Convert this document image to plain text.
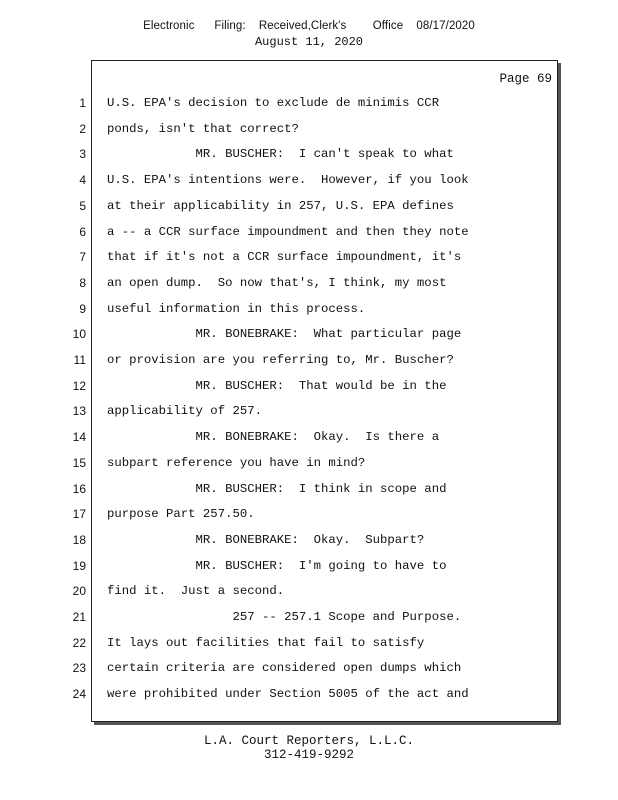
Electronic      Filing:    Received,Clerk's        Office    08/17/2020
August 11, 2020
Page 69
1 U.S. EPA's decision to exclude de minimis CCR
2 ponds, isn't that correct?
3 MR. BUSCHER:  I can't speak to what
4 U.S. EPA's intentions were.  However, if you look
5 at their applicability in 257, U.S. EPA defines
6 a -- a CCR surface impoundment and then they note
7 that if it's not a CCR surface impoundment, it's
8 an open dump.  So now that's, I think, my most
9 useful information in this process.
10 MR. BONEBRAKE:  What particular page
11 or provision are you referring to, Mr. Buscher?
12 MR. BUSCHER:  That would be in the
13 applicability of 257.
14 MR. BONEBRAKE:  Okay.  Is there a
15 subpart reference you have in mind?
16 MR. BUSCHER:  I think in scope and
17 purpose Part 257.50.
18 MR. BONEBRAKE:  Okay.  Subpart?
19 MR. BUSCHER:  I'm going to have to
20 find it.  Just a second.
21 257 -- 257.1 Scope and Purpose.
22 It lays out facilities that fail to satisfy
23 certain criteria are considered open dumps which
24 were prohibited under Section 5005 of the act and
L.A. Court Reporters, L.L.C.
312-419-9292
